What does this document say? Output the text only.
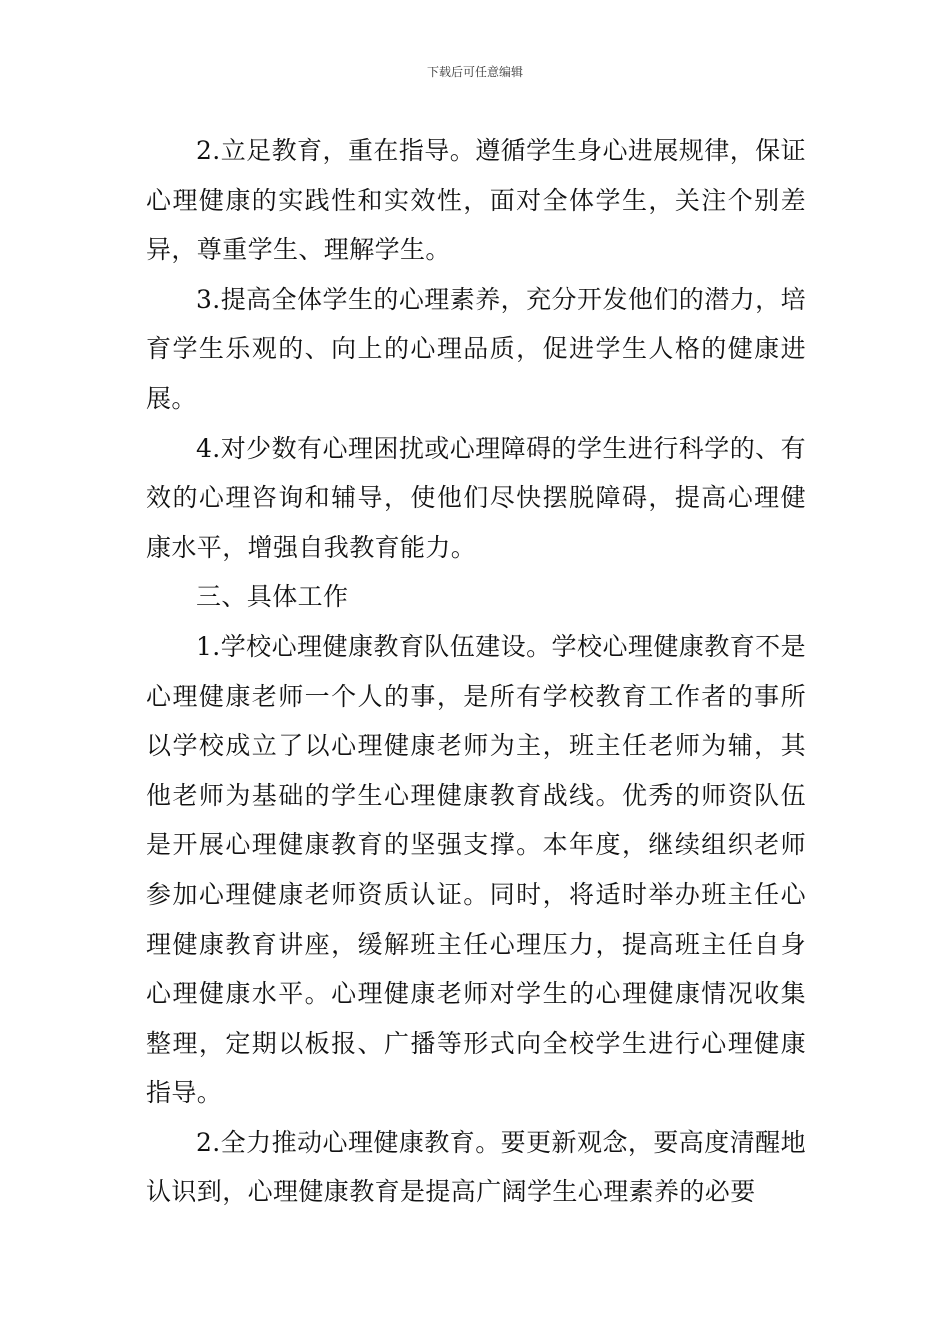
下载后可任意编辑

2.立足教育，重在指导。遵循学生身心进展规律，保证心理健康的实践性和实效性，面对全体学生，关注个别差异，尊重学生、理解学生。

3.提高全体学生的心理素养，充分开发他们的潜力，培育学生乐观的、向上的心理品质，促进学生人格的健康进展。

4.对少数有心理困扰或心理障碍的学生进行科学的、有效的心理咨询和辅导，使他们尽快摆脱障碍，提高心理健康水平，增强自我教育能力。

三、具体工作

1.学校心理健康教育队伍建设。学校心理健康教育不是心理健康老师一个人的事，是所有学校教育工作者的事所以学校成立了以心理健康老师为主，班主任老师为辅，其他老师为基础的学生心理健康教育战线。优秀的师资队伍是开展心理健康教育的坚强支撑。本年度，继续组织老师参加心理健康老师资质认证。同时，将适时举办班主任心理健康教育讲座，缓解班主任心理压力，提高班主任自身心理健康水平。心理健康老师对学生的心理健康情况收集整理，定期以板报、广播等形式向全校学生进行心理健康指导。

2.全力推动心理健康教育。要更新观念，要高度清醒地认识到，心理健康教育是提高广阔学生心理素养的必要
